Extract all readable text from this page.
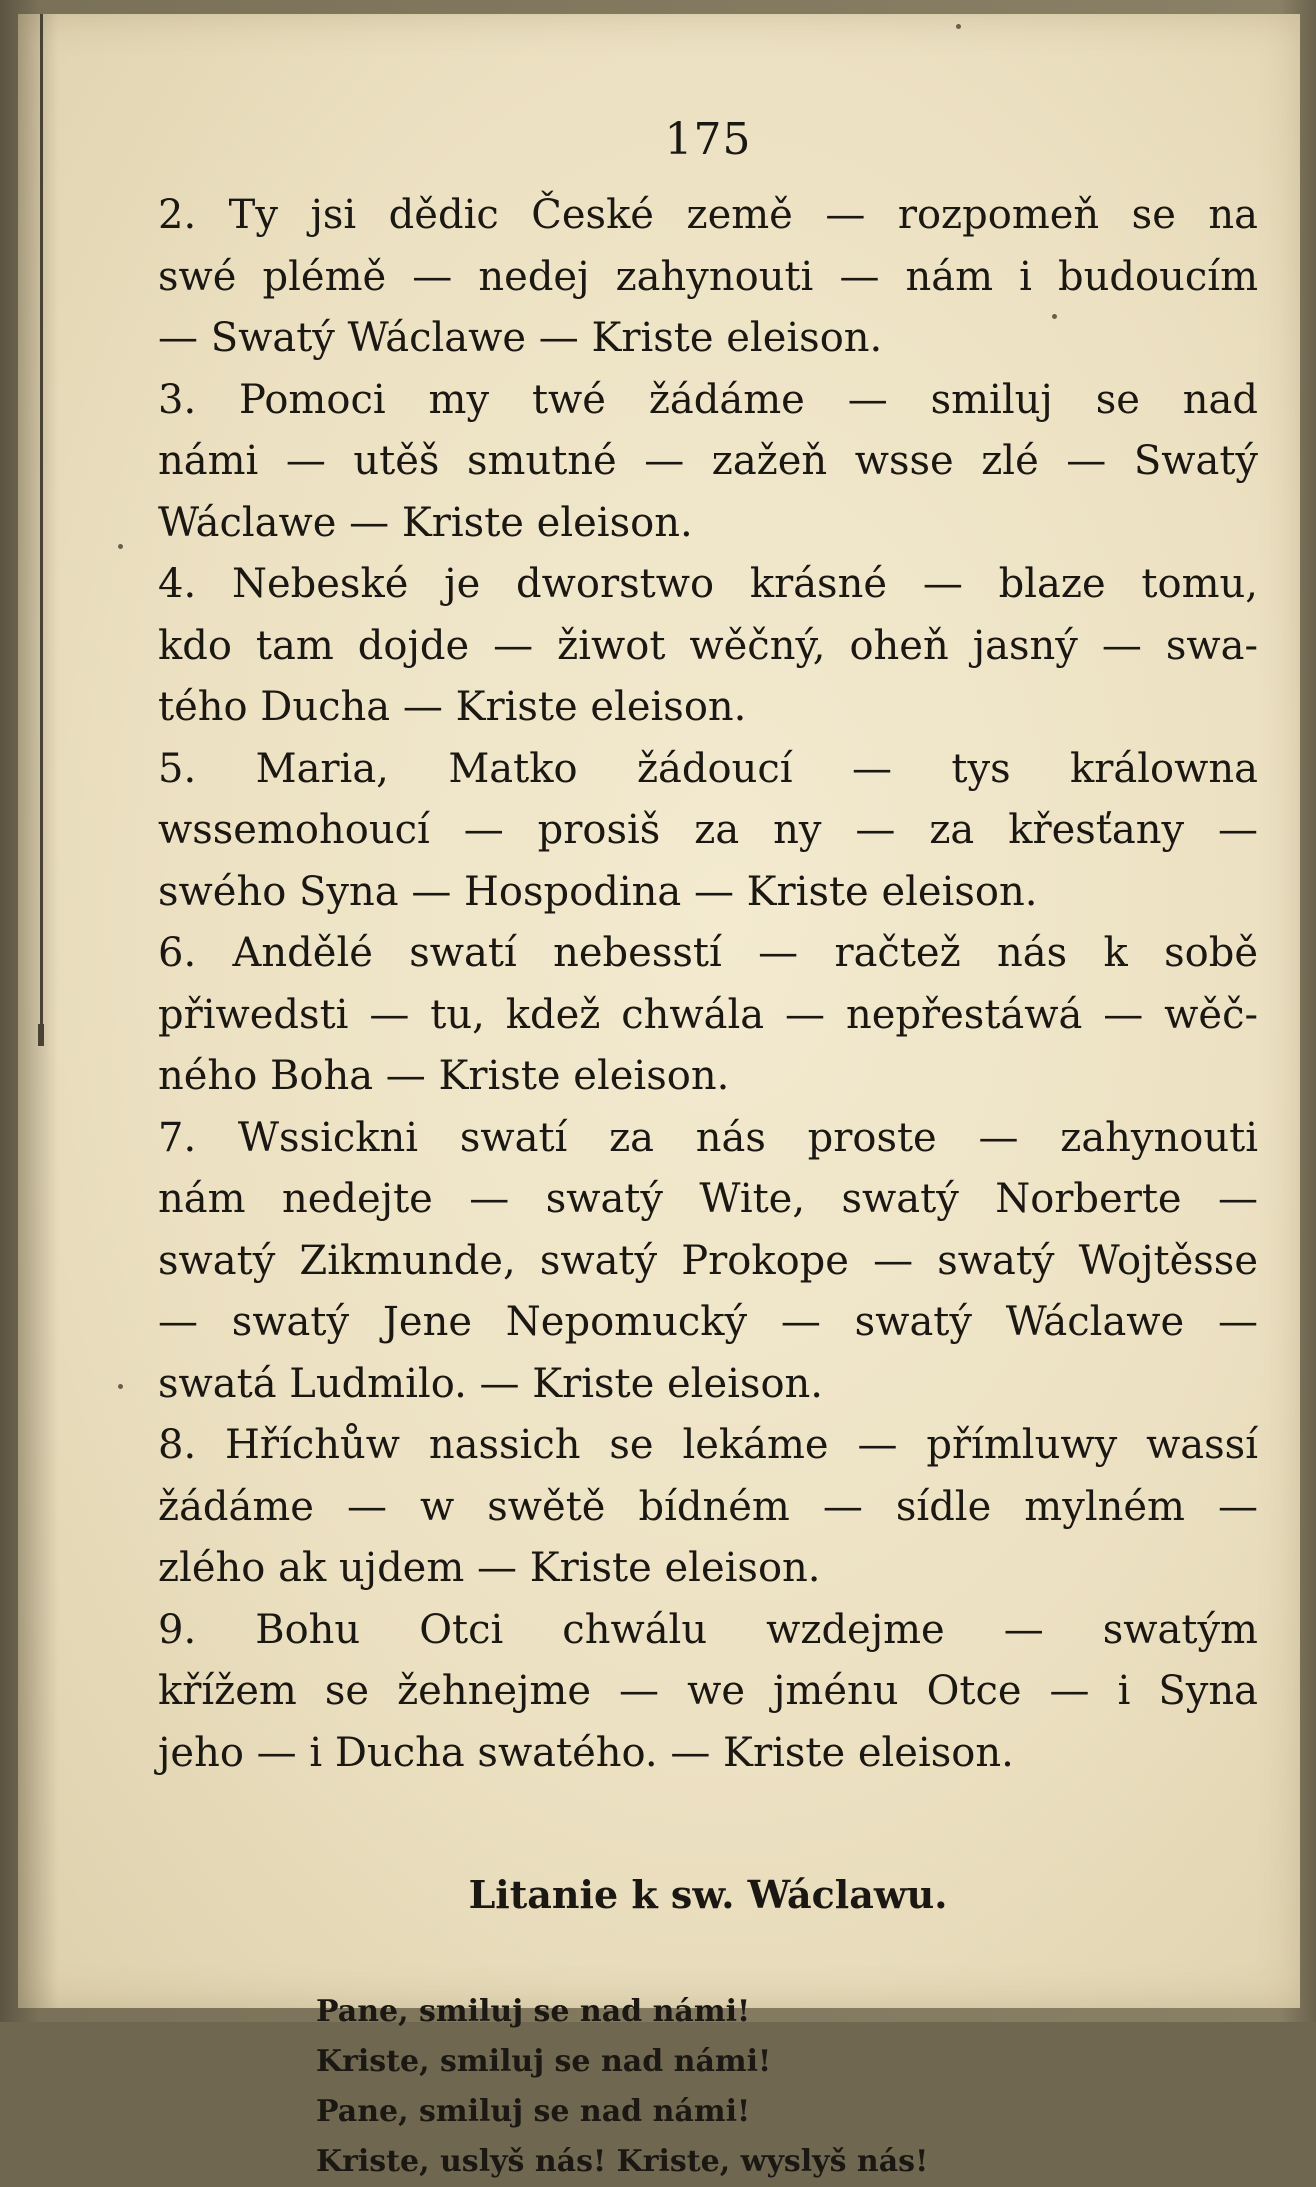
175
2. Ty jsi dědic České země — rozpomeň se na
swé plémě — nedej zahynouti — nám i budoucím
— Swatý Wáclawe — Kriste eleison.
3. Pomoci my twé žádáme — smiluj se nad
námi — utěš smutné — zažeň wsse zlé — Swatý
Wáclawe — Kriste eleison.
4. Nebeské je dworstwo krásné — blaze tomu,
kdo tam dojde — žiwot wěčný, oheň jasný — swa-
tého Ducha — Kriste eleison.
5. Maria, Matko žádoucí — tys králowna
wssemohoucí — prosiš za ny — za křesťany —
swého Syna — Hospodina — Kriste eleison.
6. Andělé swatí nebesstí — račtež nás k sobě
přiwedsti — tu, kdež chwála — nepřestáwá — wěč-
ného Boha — Kriste eleison.
7. Wssickni swatí za nás proste — zahynouti
nám nedejte — swatý Wite, swatý Norberte —
swatý Zikmunde, swatý Prokope — swatý Wojtěsse
— swatý Jene Nepomucký — swatý Wáclawe —
swatá Ludmilo. — Kriste eleison.
8. Hříchůw nassich se lekáme — přímluwy wassí
žádáme — w swětě bídném — sídle mylném —
zlého ak ujdem — Kriste eleison.
9. Bohu Otci chwálu wzdejme — swatým
křížem se žehnejme — we jménu Otce — i Syna
jeho — i Ducha swatého. — Kriste eleison.
Litanie k sw. Wáclawu.
Pane, smiluj se nad námi!
Kriste, smiluj se nad námi!
Pane, smiluj se nad námi!
Kriste, uslyš nás! Kriste, wyslyš nás!
